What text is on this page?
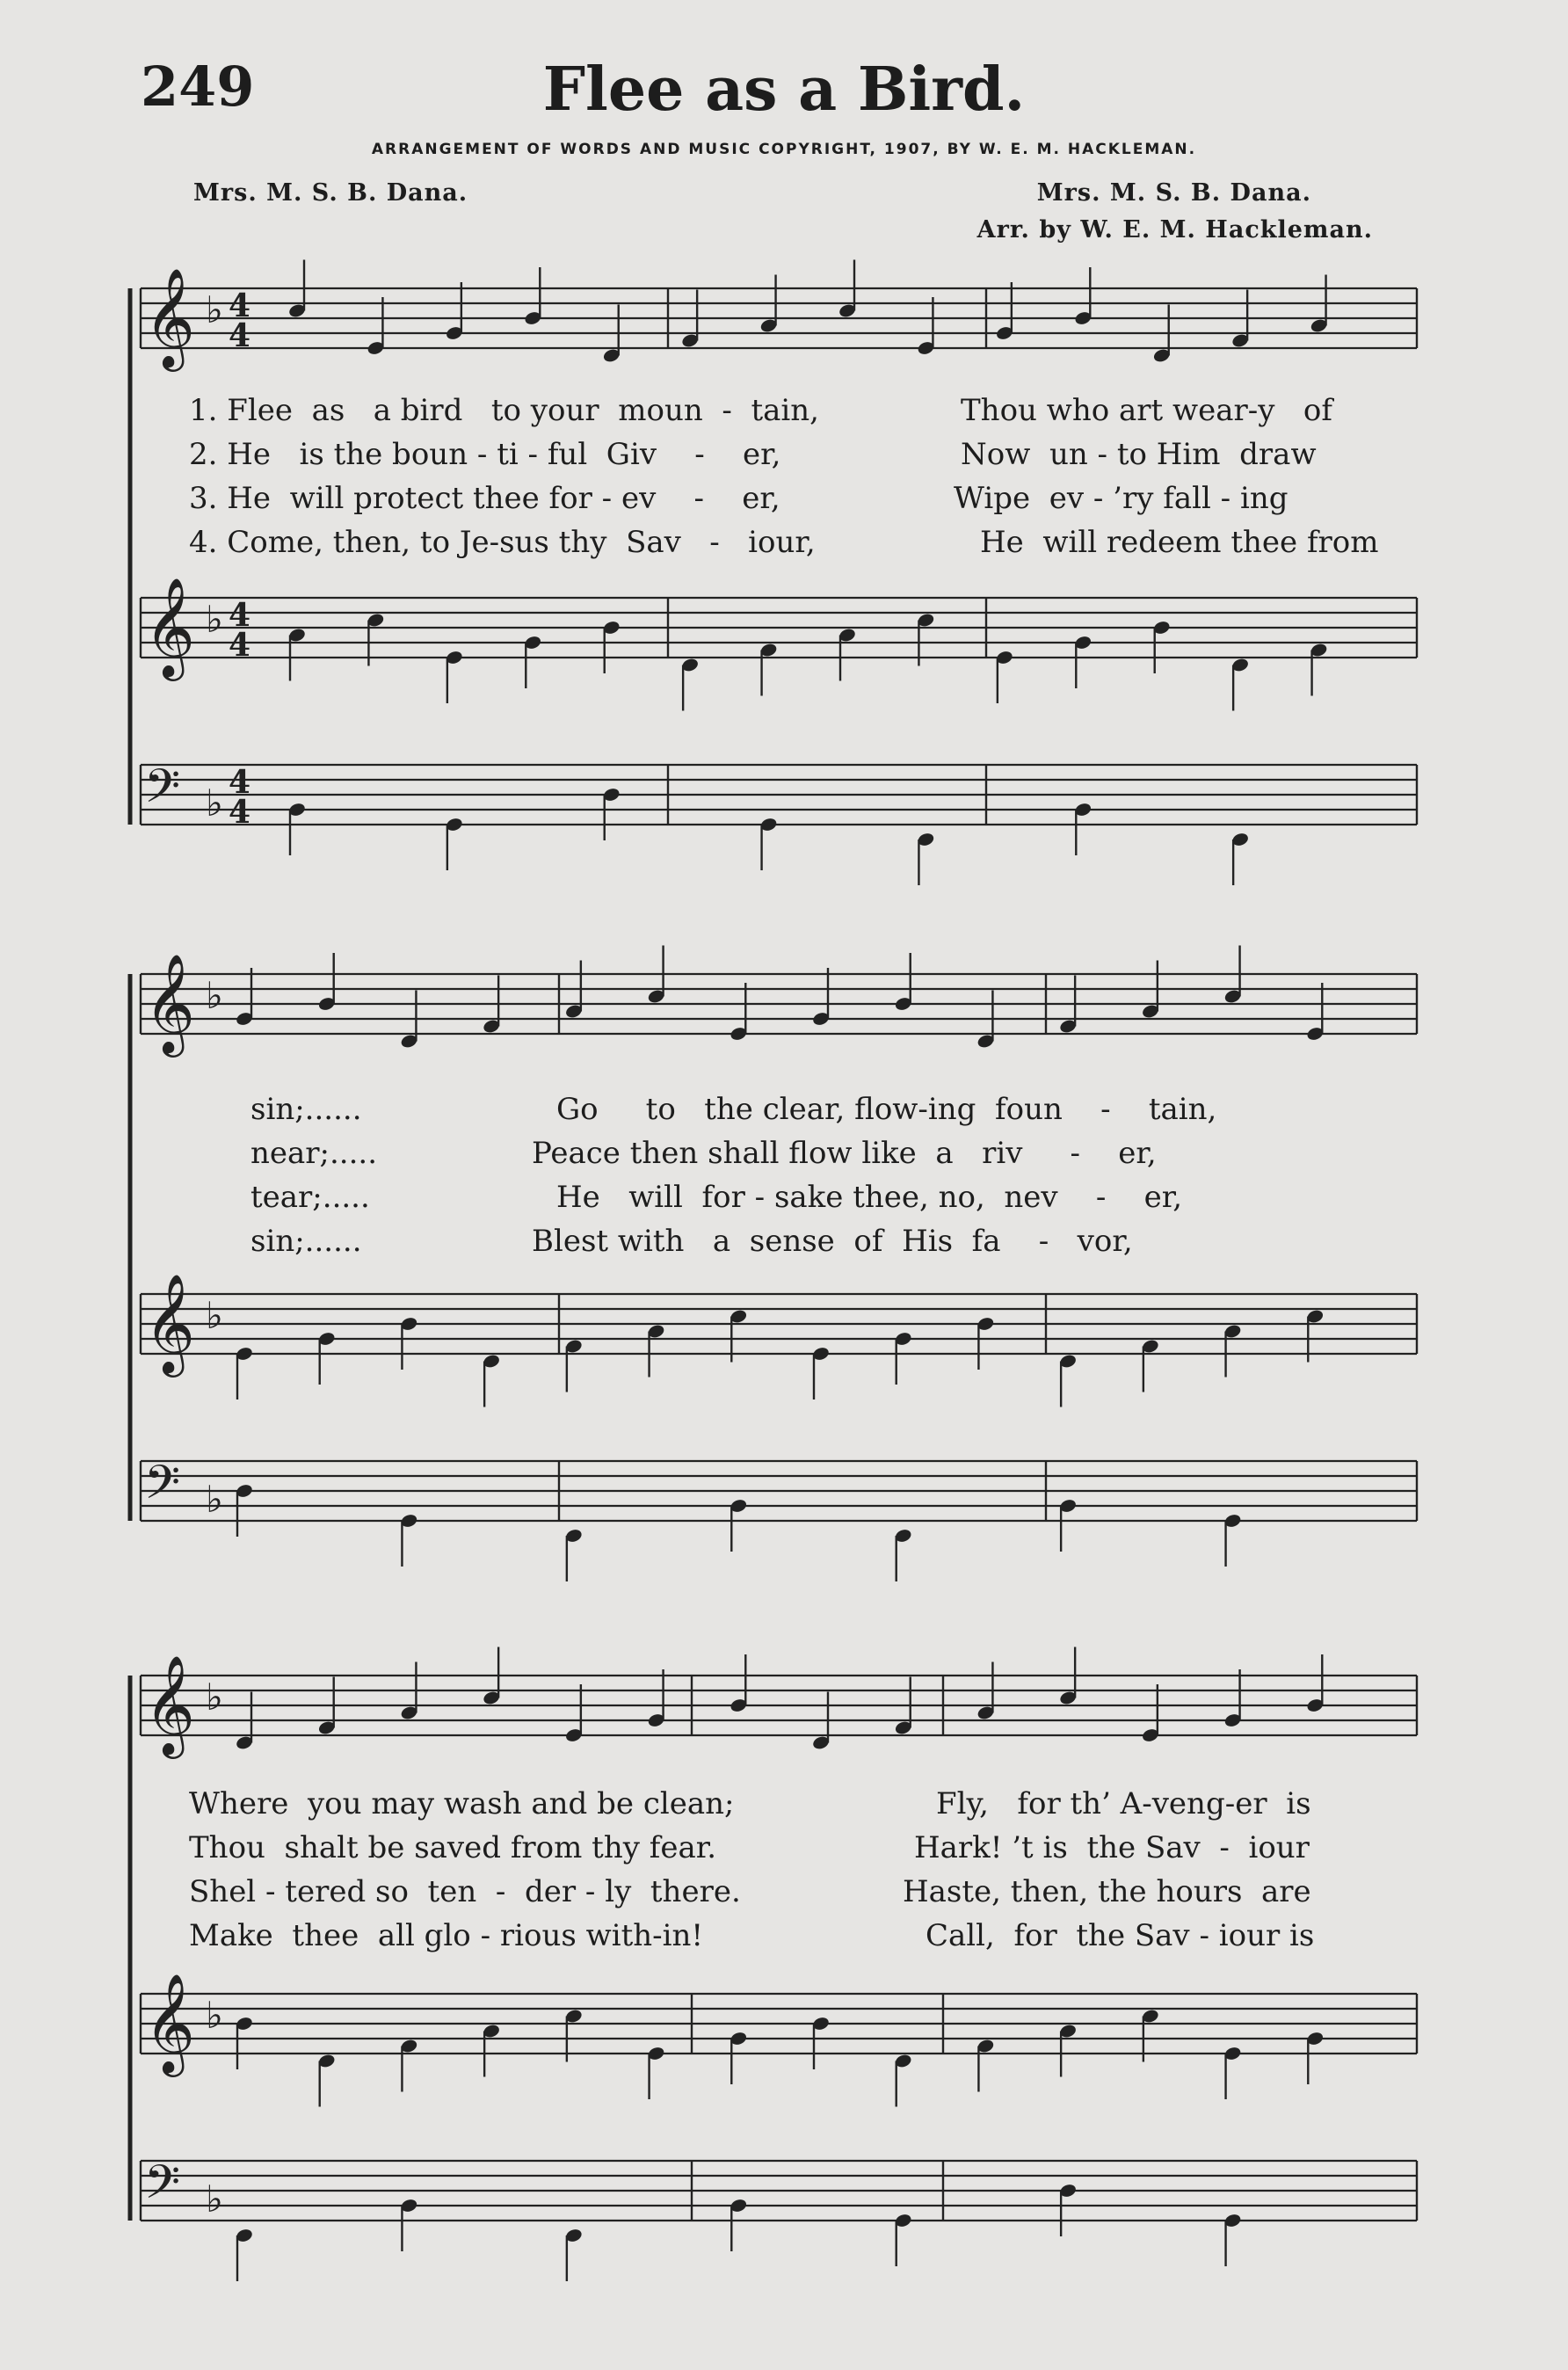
249	Flee as a Bird.
ARRANGEMENT OF WORDS AND MUSIC COPYRIGHT, 1907, BY W. E. M. HACKLEMAN.
Mrs. M. S. B. Dana.	Mrs. M. S. B. Dana.
Arr. by W. E. M. Hackleman.
𝄞 ♭ 4
4
𝄞 ♭ 4
4
𝄢 ♭ 4
4
𝄞 ♭
𝄞 ♭
𝄢 ♭
𝄞 ♭
𝄞 ♭
𝄢 ♭
1. Flee  as   a bird   to your  moun  -  tain,	Thou who art wear-y   of
2. He   is the boun - ti - ful  Giv    -    er,	Now  un - to Him  draw
3. He  will protect thee for - ev    -    er,	Wipe  ev - ’ry fall - ing
4. Come, then, to Je-sus thy  Sav   -   iour,	He  will redeem thee from
sin;......	Go     to   the clear, flow-ing  foun    -    tain,
near;.....	Peace then shall flow like  a   riv     -    er,
tear;.....	He   will  for - sake thee, no,  nev    -    er,
sin;......	Blest with   a  sense  of  His  fa    -   vor,
Where  you may wash and be clean;	Fly,   for th’ A-veng-er  is
Thou  shalt be saved from thy fear.	Hark! ’t is  the Sav  -  iour
Shel - tered so  ten  -  der - ly  there.	Haste, then, the hours  are
Make  thee  all glo - rious with-in!	Call,  for  the Sav - iour is
